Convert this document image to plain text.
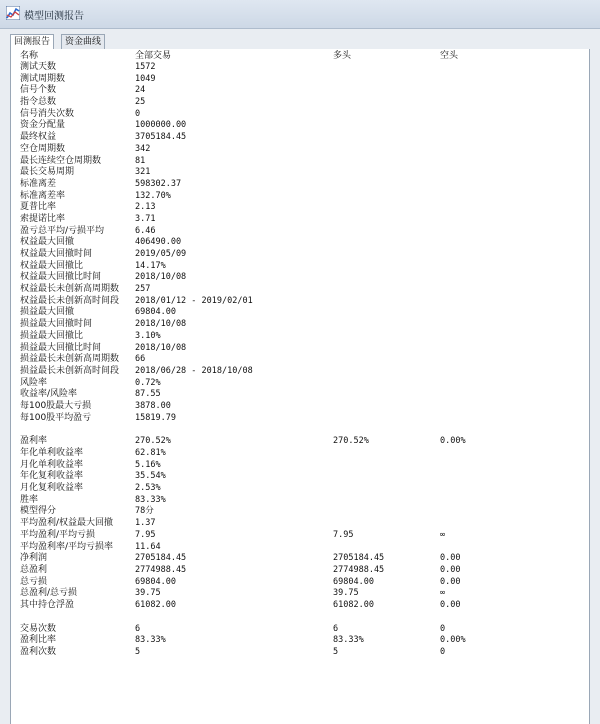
模型回测报告
回测报告	资金曲线
名称	全部交易	多头	空头
测试天数	1572
测试周期数	1049
信号个数	24
指令总数	25
信号消失次数	0
资金分配量	1000000.00
最终权益	3705184.45
空仓周期数	342
最长连续空仓周期数	81
最长交易周期	321
标准离差	598302.37
标准离差率	132.70%
夏普比率	2.13
索提诺比率	3.71
盈亏总平均/亏损平均	6.46
权益最大回撤	406490.00
权益最大回撤时间	2019/05/09
权益最大回撤比	14.17%
权益最大回撤比时间	2018/10/08
权益最长未创新高周期数 257
权益最长未创新高时间段 2018/01/12 - 2019/02/01
损益最大回撤	69804.00
损益最大回撤时间	2018/10/08
损益最大回撤比	3.10%
损益最大回撤比时间	2018/10/08
损益最长未创新高周期数 66
损益最长未创新高时间段 2018/06/28 - 2018/10/08
风险率	0.72%
收益率/风险率	87.55
每100股最大亏损	3878.00
每100股平均盈亏	15819.79
盈利率	270.52%	270.52%	0.00%
年化单利收益率	62.81%
月化单利收益率	5.16%
年化复利收益率	35.54%
月化复利收益率	2.53%
胜率	83.33%
模型得分	78分
平均盈利/权益最大回撤	1.37
平均盈利/平均亏损	7.95	7.95	∞
平均盈利率/平均亏损率	11.64
净利润	2705184.45	2705184.45	0.00
总盈利	2774988.45	2774988.45	0.00
总亏损	69804.00	69804.00	0.00
总盈利/总亏损	39.75	39.75	∞
其中持仓浮盈	61082.00	61082.00	0.00
交易次数	6	6	0
盈利比率	83.33%	83.33%	0.00%
盈利次数	5	5	0
